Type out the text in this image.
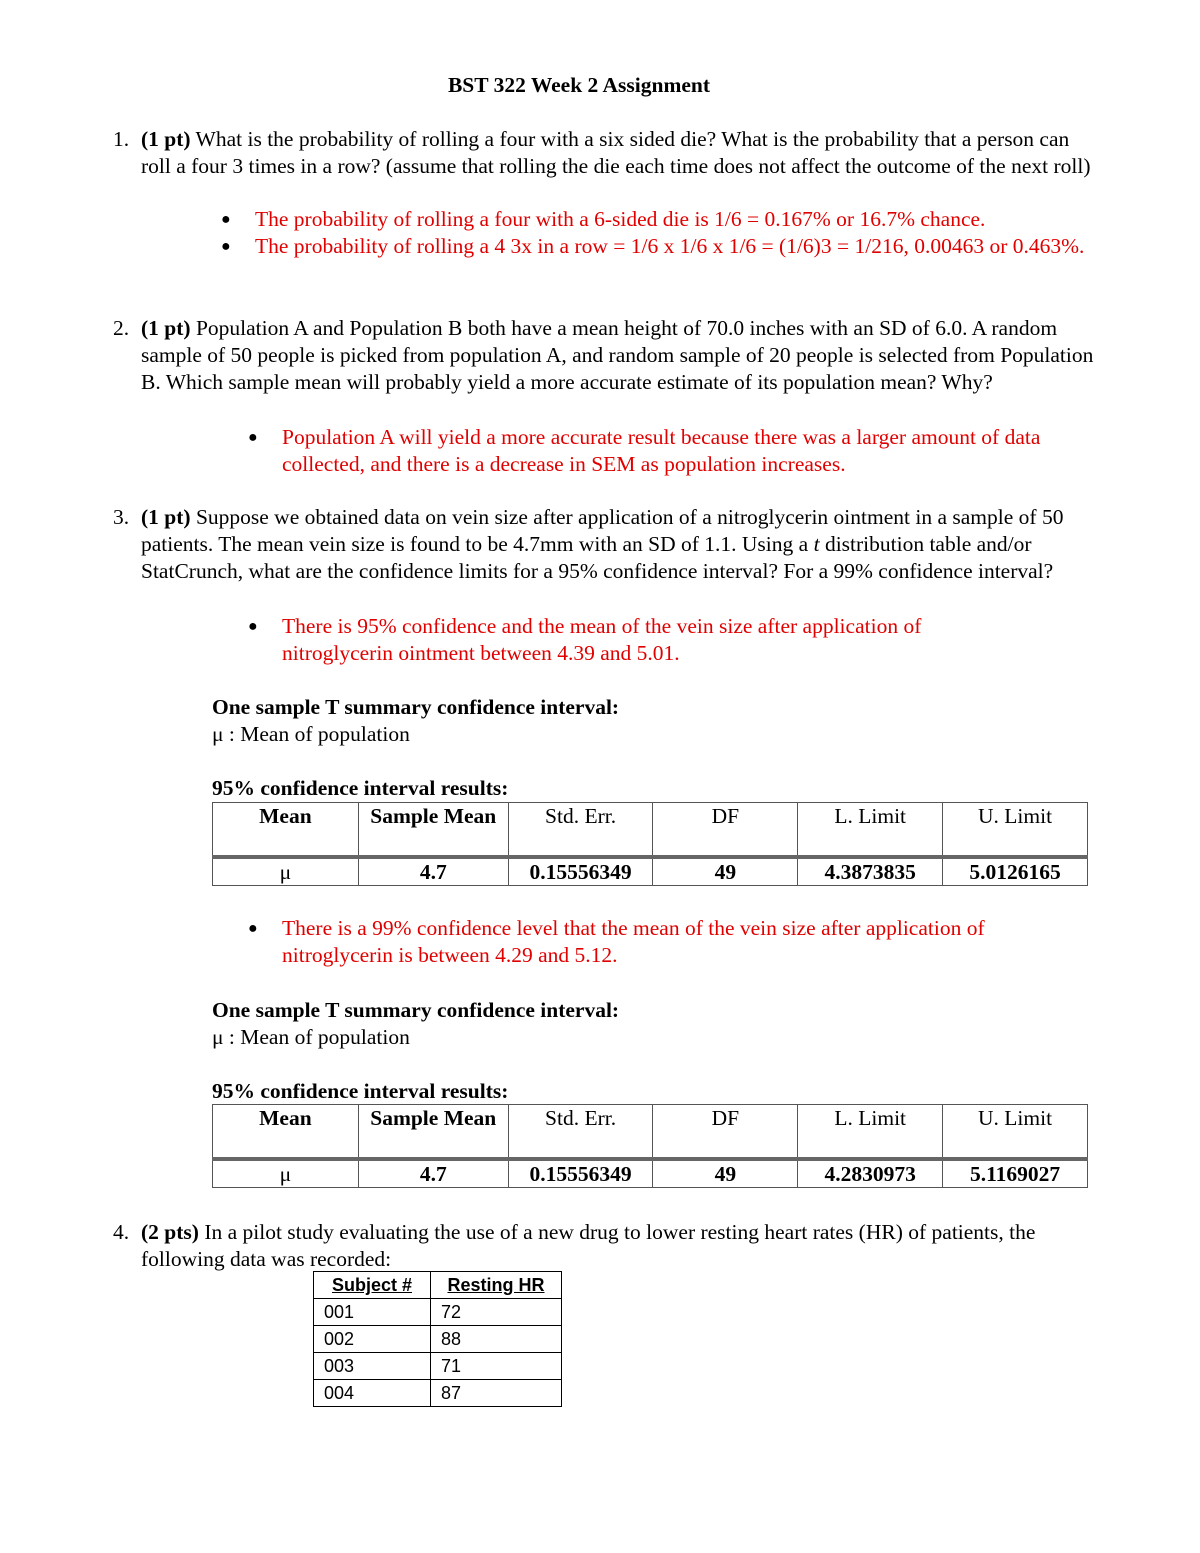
BST 322 Week 2 Assignment
1. (1 pt) What is the probability of rolling a four with a six sided die? What is the probability that a person can roll a four 3 times in a row? (assume that rolling the die each time does not affect the outcome of the next roll)
● The probability of rolling a four with a 6-sided die is 1/6 = 0.167% or 16.7% chance.
● The probability of rolling a 4 3x in a row = 1/6 x 1/6 x 1/6 = (1/6)3 = 1/216, 0.00463 or 0.463%.
2. (1 pt) Population A and Population B both have a mean height of 70.0 inches with an SD of 6.0. A random sample of 50 people is picked from population A, and random sample of 20 people is selected from Population B. Which sample mean will probably yield a more accurate estimate of its population mean? Why?
● Population A will yield a more accurate result because there was a larger amount of data collected, and there is a decrease in SEM as population increases.
3. (1 pt) Suppose we obtained data on vein size after application of a nitroglycerin ointment in a sample of 50 patients. The mean vein size is found to be 4.7mm with an SD of 1.1. Using a t distribution table and/or StatCrunch, what are the confidence limits for a 95% confidence interval? For a 99% confidence interval?
● There is 95% confidence and the mean of the vein size after application of nitroglycerin ointment between 4.39 and 5.01.
One sample T summary confidence interval:
μ : Mean of population
95% confidence interval results:
Mean	Sample Mean	Std. Err.	DF	L. Limit	U. Limit
μ	4.7	0.15556349	49	4.3873835	5.0126165
● There is a 99% confidence level that the mean of the vein size after application of nitroglycerin is between 4.29 and 5.12.
One sample T summary confidence interval:
μ : Mean of population
95% confidence interval results:
Mean	Sample Mean	Std. Err.	DF	L. Limit	U. Limit
μ	4.7	0.15556349	49	4.2830973	5.1169027
4. (2 pts) In a pilot study evaluating the use of a new drug to lower resting heart rates (HR) of patients, the following data was recorded:
Subject #	Resting HR
001	72
002	88
003	71
004	87
